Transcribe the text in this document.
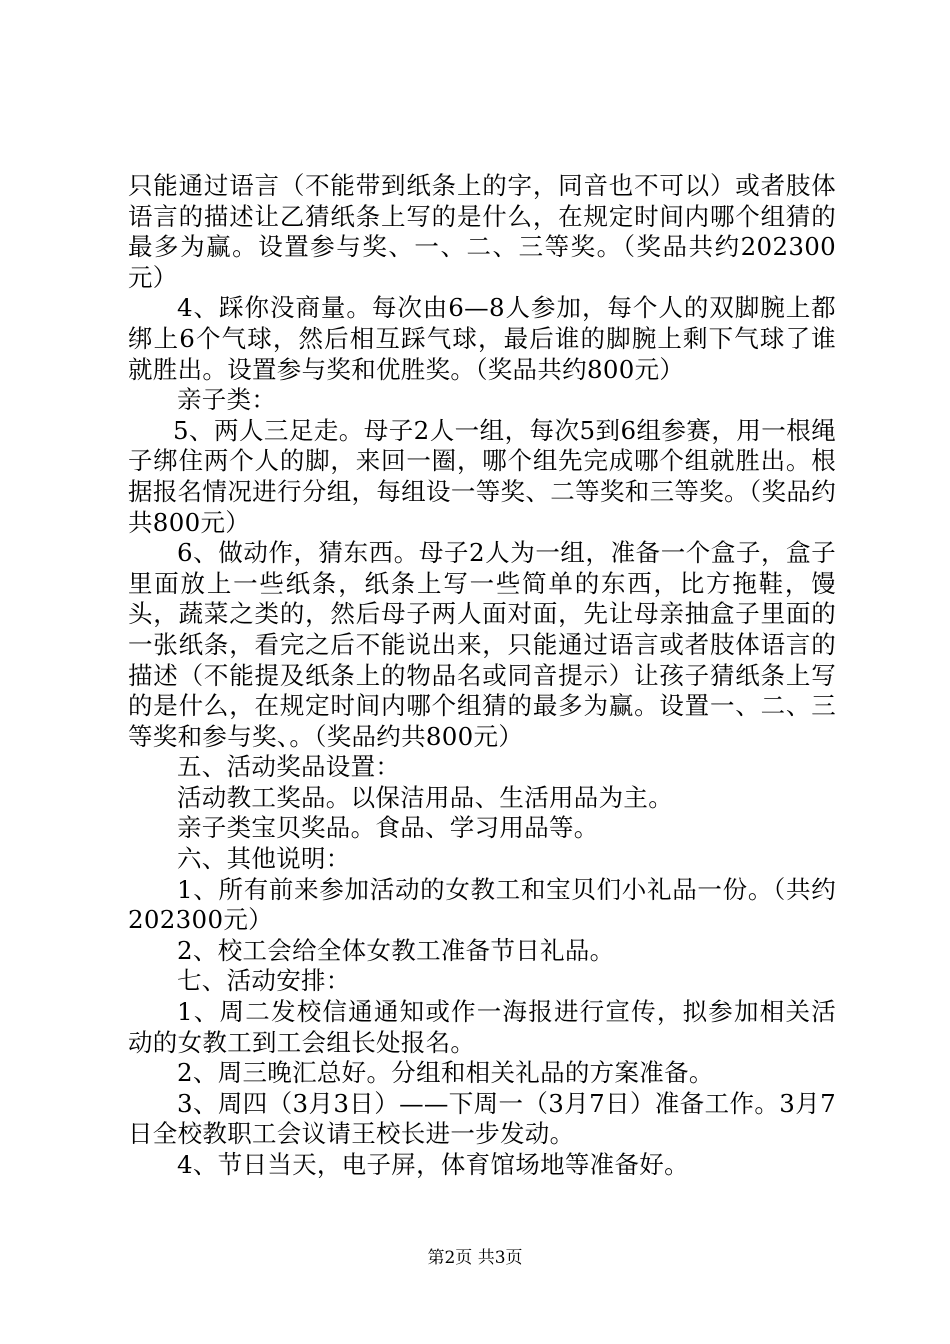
只能通过语言（不能带到纸条上的字，同音也不可以）或者肢体语言的描述让乙猜纸条上写的是什么，在规定时间内哪个组猜的最多为赢。设置参与奖、一、二、三等奖。（奖品共约202300元）

4、踩你没商量。每次由6—8人参加，每个人的双脚腕上都绑上6个气球，然后相互踩气球，最后谁的脚腕上剩下气球了谁就胜出。设置参与奖和优胜奖。（奖品共约800元）

亲子类：

5、两人三足走。母子2人一组，每次5到6组参赛，用一根绳子绑住两个人的脚，来回一圈，哪个组先完成哪个组就胜出。根据报名情况进行分组，每组设一等奖、二等奖和三等奖。（奖品约共800元）

6、做动作，猜东西。母子2人为一组，准备一个盒子，盒子里面放上一些纸条，纸条上写一些简单的东西，比方拖鞋，馒头，蔬菜之类的，然后母子两人面对面，先让母亲抽盒子里面的一张纸条，看完之后不能说出来，只能通过语言或者肢体语言的描述（不能提及纸条上的物品名或同音提示）让孩子猜纸条上写的是什么，在规定时间内哪个组猜的最多为赢。设置一、二、三等奖和参与奖、。（奖品约共800元）

五、活动奖品设置：

活动教工奖品。以保洁用品、生活用品为主。

亲子类宝贝奖品。食品、学习用品等。

六、其他说明：

1、所有前来参加活动的女教工和宝贝们小礼品一份。（共约202300元）

2、校工会给全体女教工准备节日礼品。

七、活动安排：

1、周二发校信通通知或作一海报进行宣传，拟参加相关活动的女教工到工会组长处报名。

2、周三晚汇总好。分组和相关礼品的方案准备。

3、周四（3月3日）——下周一（3月7日）准备工作。3月7日全校教职工会议请王校长进一步发动。

4、节日当天，电子屏，体育馆场地等准备好。

第2页 共3页
